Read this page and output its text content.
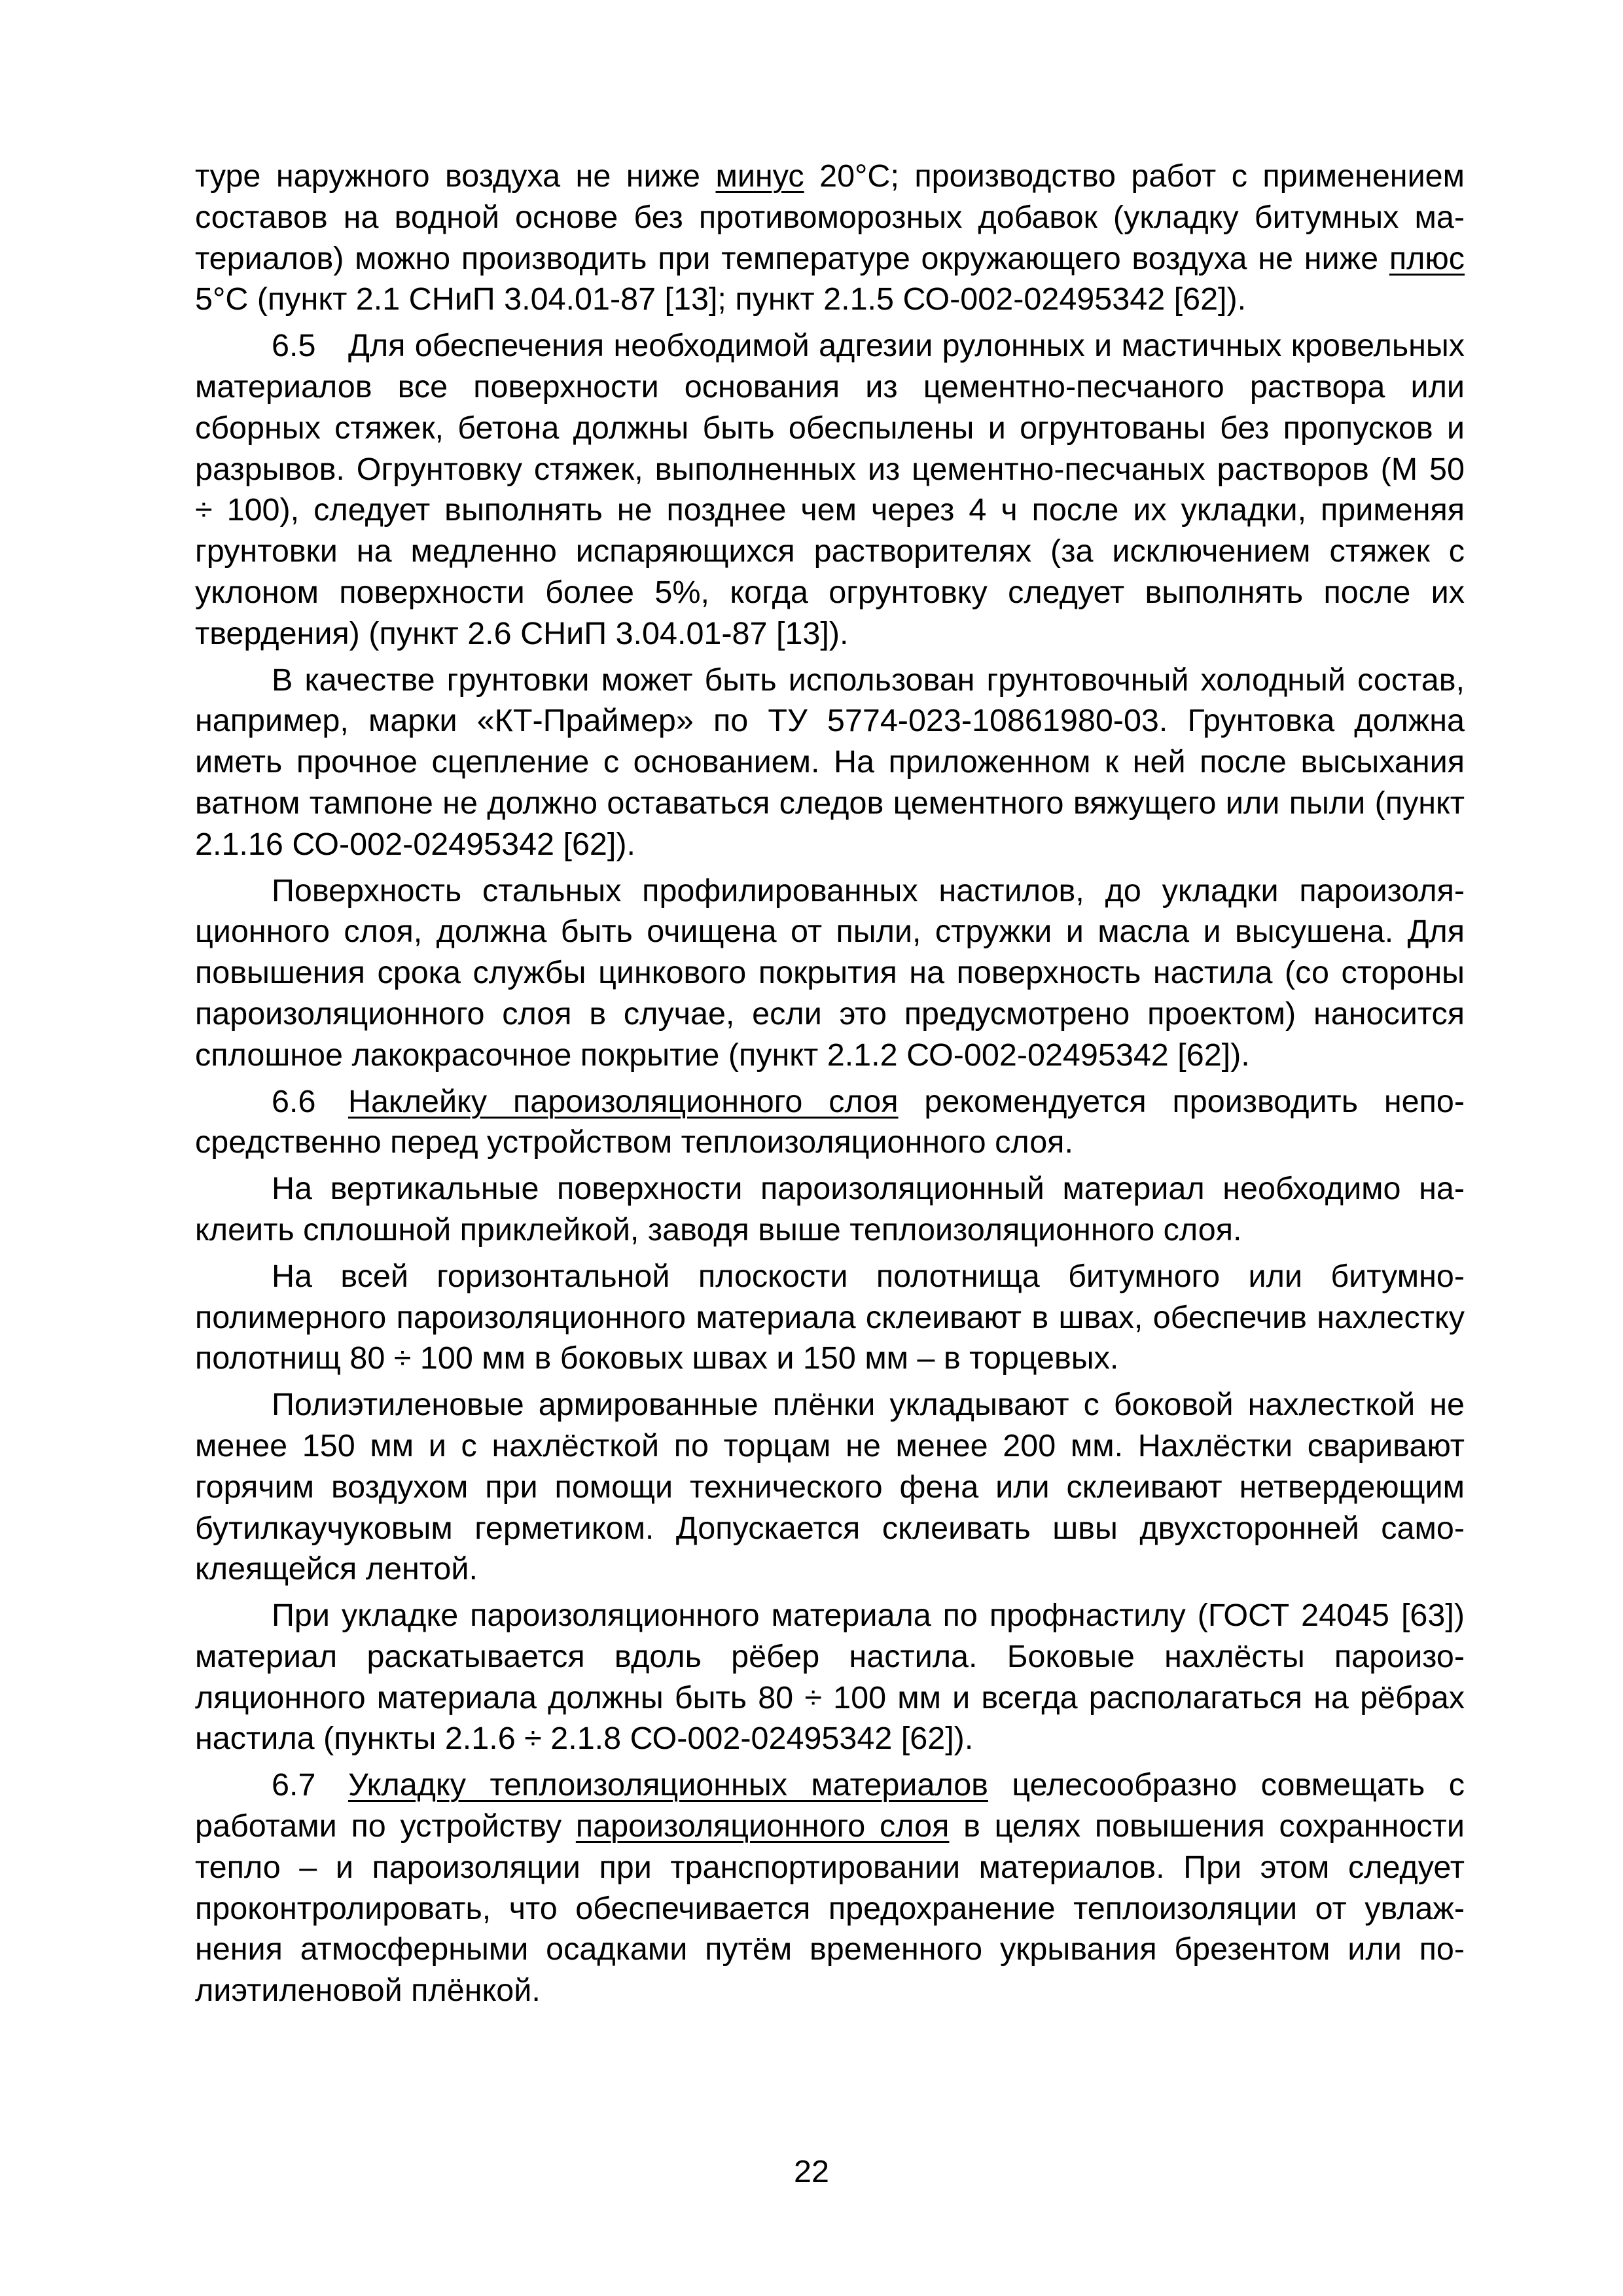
туре наружного воздуха не ниже минус 20°С; производство работ с применением составов на водной основе без противоморозных добавок (укладку битумных материалов) можно производить при температуре окружающего воздуха не ниже плюс 5°С (пункт 2.1 СНиП 3.04.01-87 [13]; пункт 2.1.5 СО-002-02495342 [62]).

6.5 Для обеспечения необходимой адгезии рулонных и мастичных кровельных материалов все поверхности основания из цементно-песчаного раствора или сборных стяжек, бетона должны быть обеспылены и огрунтованы без пропусков и разрывов. Огрунтовку стяжек, выполненных из цементно-песчаных растворов (М 50 ÷ 100), следует выполнять не позднее чем через 4 ч после их укладки, применяя грунтовки на медленно испаряющихся растворителях (за исключением стяжек с уклоном поверхности более 5%, когда огрунтовку следует выполнять после их твердения) (пункт 2.6 СНиП 3.04.01-87 [13]).

В качестве грунтовки может быть использован грунтовочный холодный состав, например, марки «КТ-Праймер» по ТУ 5774-023-10861980-03. Грунтовка должна иметь прочное сцепление с основанием. На приложенном к ней после высыхания ватном тампоне не должно оставаться следов цементного вяжущего или пыли (пункт 2.1.16 СО-002-02495342 [62]).

Поверхность стальных профилированных настилов, до укладки пароизоляционного слоя, должна быть очищена от пыли, стружки и масла и высушена. Для повышения срока службы цинкового покрытия на поверхность настила (со стороны пароизоляционного слоя в случае, если это предусмотрено проектом) наносится сплошное лакокрасочное покрытие (пункт 2.1.2 СО-002-02495342 [62]).

6.6 Наклейку пароизоляционного слоя рекомендуется производить непосредственно перед устройством теплоизоляционного слоя.

На вертикальные поверхности пароизоляционный материал необходимо наклеить сплошной приклейкой, заводя выше теплоизоляционного слоя.

На всей горизонтальной плоскости полотнища битумного или битумнополимерного пароизоляционного материала склеивают в швах, обеспечив нахлестку полотнищ 80 ÷ 100 мм в боковых швах и 150 мм – в торцевых.

Полиэтиленовые армированные плёнки укладывают с боковой нахлесткой не менее 150 мм и с нахлёсткой по торцам не менее 200 мм. Нахлёстки сваривают горячим воздухом при помощи технического фена или склеивают нетвердеющим бутилкаучуковым герметиком. Допускается склеивать швы двухсторонней самоклеящейся лентой.

При укладке пароизоляционного материала по профнастилу (ГОСТ 24045 [63]) материал раскатывается вдоль рёбер настила. Боковые нахлёсты пароизоляционного материала должны быть 80 ÷ 100 мм и всегда располагаться на рёбрах настила (пункты 2.1.6 ÷ 2.1.8 СО-002-02495342 [62]).

6.7 Укладку теплоизоляционных материалов целесообразно совмещать с работами по устройству пароизоляционного слоя в целях повышения сохранности тепло – и пароизоляции при транспортировании материалов. При этом следует проконтролировать, что обеспечивается предохранение теплоизоляции от увлажнения атмосферными осадками путём временного укрывания брезентом или полиэтиленовой плёнкой.

22
